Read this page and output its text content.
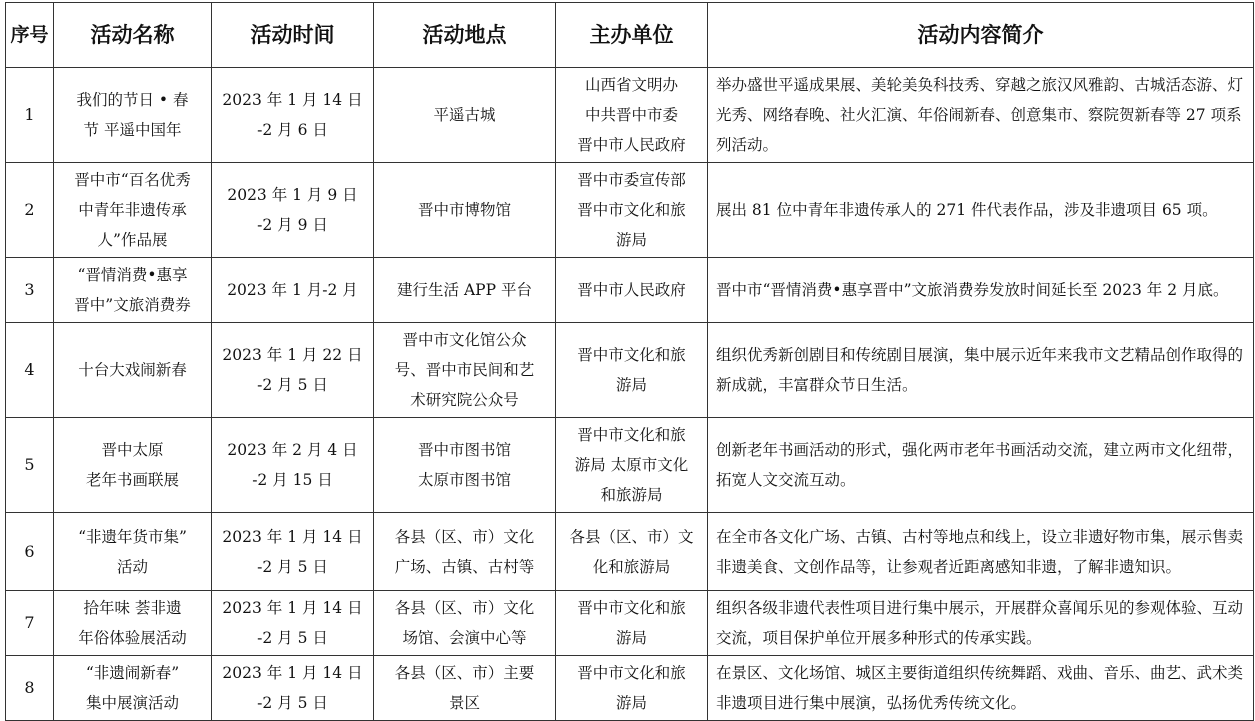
序号	活动名称	活动时间	活动地点	主办单位	活动内容简介
1	我们的节日 • 春
节 平遥中国年	2023 年 1 月 14 日
-2 月 6 日	平遥古城	山西省文明办
中共晋中市委
晋中市人民政府	举办盛世平遥成果展、美轮美奂科技秀、穿越之旅汉风雅韵、古城活态游、灯光秀、网络春晚、社火汇演、年俗闹新春、创意集市、察院贺新春等 27 项系列活动。
2	晋中市“百名优秀
中青年非遗传承
人”作品展	2023 年 1 月 9 日
-2 月 9 日	晋中市博物馆	晋中市委宣传部
晋中市文化和旅
游局	展出 81 位中青年非遗传承人的 271 件代表作品，涉及非遗项目 65 项。
3	“晋情消费•惠享
晋中”文旅消费券	2023 年 1 月-2 月	建行生活 APP 平台	晋中市人民政府	晋中市“晋情消费•惠享晋中”文旅消费券发放时间延长至 2023 年 2 月底。
4	十台大戏闹新春	2023 年 1 月 22 日
-2 月 5 日	晋中市文化馆公众
号、晋中市民间和艺
术研究院公众号	晋中市文化和旅
游局	组织优秀新创剧目和传统剧目展演，集中展示近年来我市文艺精品创作取得的新成就，丰富群众节日生活。
5	晋中太原
老年书画联展	2023 年 2 月 4 日
-2 月 15 日	晋中市图书馆
太原市图书馆	晋中市文化和旅
游局 太原市文化
和旅游局	创新老年书画活动的形式，强化两市老年书画活动交流，建立两市文化纽带，拓宽人文交流互动。
6	“非遗年货市集”
活动	2023 年 1 月 14 日
-2 月 5 日	各县（区、市）文化
广场、古镇、古村等	各县（区、市）文
化和旅游局	在全市各文化广场、古镇、古村等地点和线上，设立非遗好物市集，展示售卖非遗美食、文创作品等，让参观者近距离感知非遗，了解非遗知识。
7	拾年味 荟非遗
年俗体验展活动	2023 年 1 月 14 日
-2 月 5 日	各县（区、市）文化
场馆、会演中心等	晋中市文化和旅
游局	组织各级非遗代表性项目进行集中展示，开展群众喜闻乐见的参观体验、互动交流，项目保护单位开展多种形式的传承实践。
8	“非遗闹新春”
集中展演活动	2023 年 1 月 14 日
-2 月 5 日	各县（区、市）主要
景区	晋中市文化和旅
游局	在景区、文化场馆、城区主要街道组织传统舞蹈、戏曲、音乐、曲艺、武术类非遗项目进行集中展演，弘扬优秀传统文化。
